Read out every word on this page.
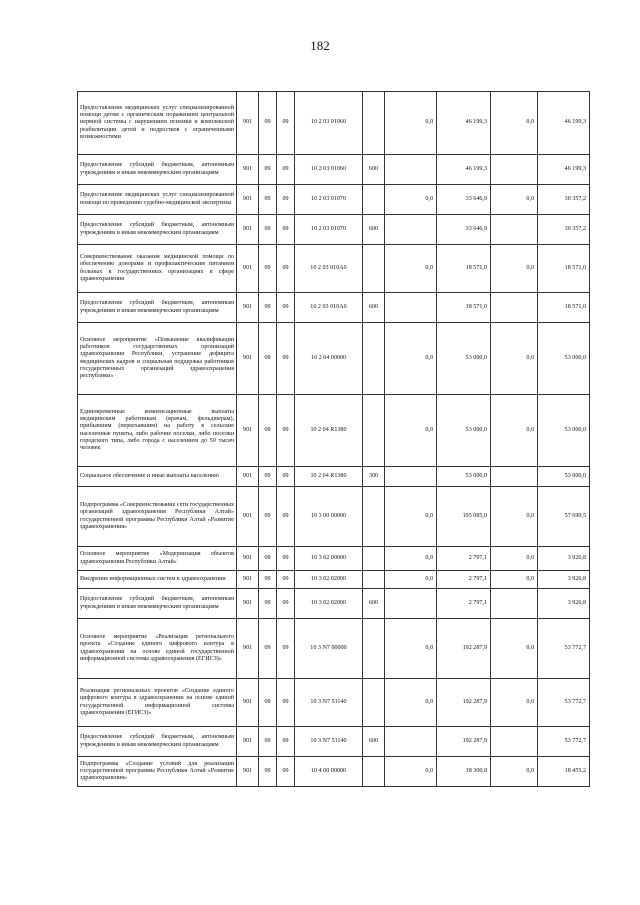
182
Предоставление медицинских услуг специализированной помощи детям с органическим поражением центральной нервной системы с нарушением психики и комплексной реабилитации детей и подростков с ограниченными возможностями	901	09	09	10 2 03 01060		0,0	46 199,3	0,0	46 199,3
Предоставление субсидий бюджетным, автономным учреждениям и иным некоммерческим организациям	901	09	09	10 2 03 01060	600		46 199,3		46 199,3
Предоставление медицинских услуг специализированной помощи по проведению судебно-медицинской экспертизы	901	09	09	10 2 03 01070		0,0	33 646,9	0,0	30 357,2
Предоставление субсидий бюджетным, автономным учреждениям и иным некоммерческим организациям	901	09	09	10 2 03 01070	600		33 646,9		30 357,2
Совершенствование оказания медицинской помощи по обеспечению донорами и профилактическим питанием больных в государственных организациях в сфере здравоохранения	901	09	09	10 2 03 010А0		0,0	18 571,0	0,0	18 571,0
Предоставление субсидий бюджетным, автономным учреждениям и иным некоммерческим организациям	901	09	09	10 2 03 010А0	600		18 571,0		18 571,0
Основное мероприятие «Повышение квалификации работников государственных организаций здравоохранения Республики, устранение дефицита медицинских кадров и социальная поддержка работников государственных организаций здравоохранения республики»	901	09	09	10 2 04 00000		0,0	53 000,0	0,0	53 000,0
Единовременные компенсационные выплаты медицинским работникам (врачам, фельдшерам), прибывшим (переехавшим) на работу в сельские населенные пункты, либо рабочие поселки, либо поселки городского типа, либо города с населением до 50 тысяч человек	901	09	09	10 2 04 R1380		0,0	53 000,0	0,0	53 000,0
Социальное обеспечение и иные выплаты населению	901	09	09	10 2 04 R1380	300		53 000,0		53 000,0
Подпрограмма «Совершенствование сети государственных организаций здравоохранения Республики Алтай» государственной программы Республики Алтай «Развитие здравоохранения»	901	09	09	10 3 00 00000		0,0	195 085,0	0,0	57 699,5
Основное мероприятие «Модернизация объектов здравоохранения Республики Алтай»	901	09	09	10 3 02 00000		0,0	2 797,1	0,0	3 926,8
Внедрение информационных систем в здравоохранении	901	09	09	10 3 02 02000		0,0	2 797,1	0,0	3 926,8
Предоставление субсидий бюджетным, автономным учреждениям и иным некоммерческим организациям	901	09	09	10 3 02 02000	600		2 797,1		3 926,8
Основное мероприятие «Реализация регионального проекта «Создание единого цифрового контура в здравоохранении на основе единой государственной информационной системы здравоохранения (ЕГИСЗ)»	901	09	09	10 3 N7 00000		0,0	192 287,9	0,0	53 772,7
Реализация региональных проектов «Создание единого цифрового контура в здравоохранении на основе единой государственной информационной системы здравоохранения (ЕГИСЗ)»	901	09	09	10 3 N7 51140		0,0	192 287,9	0,0	53 772,7
Предоставление субсидий бюджетным, автономным учреждениям и иным некоммерческим организациям	901	09	09	10 3 N7 51140	600		192 287,9		53 772,7
Подпрограмма «Создание условий для реализации государственной программы Республики Алтай «Развитие здравоохранения»	901	09	09	10 4 00 00000		0,0	18 300,8	0,0	18 455,2
